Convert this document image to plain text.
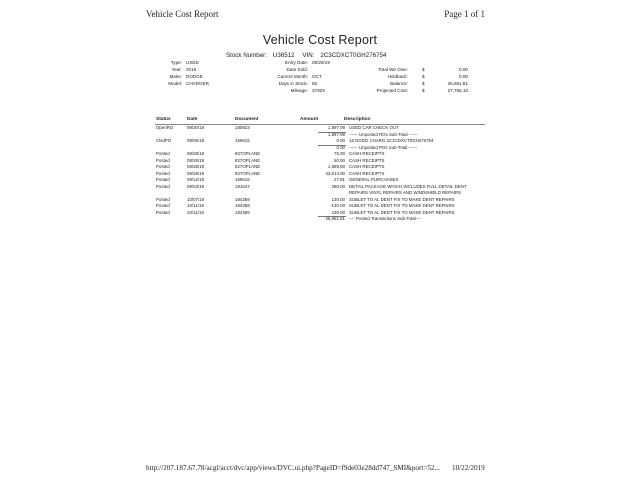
Vehicle Cost Report	Page 1 of 1
Vehicle Cost Report
Stock Number: U36512 VIN: 2C3CDXCT0GH276754
Type: USED
Year: 2016
Make: DODGE
Model: CHARGER
Entry Date: 08/28/19
Date Sold:
Current Month: OCT
Days in Stock: 55
Mileage: 37929
Total We Owe:	$	0.00
Holdback:	$	0.00
Balance:	$	25,861.81
Projected Cost:	$	27,758.10
Status	Date	Document	Amount	Description
OpenRO	09/20/19	180923	1,897.09 USED CAR CHECK OUT
1,897.09 ------ Unposted ROs Sub-Total ------
ClsdPO	09/06/19	169615	0.00 16 DODG CHARG 2C3CDXCT0GH276754
0.00 ------ Unposted POs Sub-Total ------
Posted	08/28/19	827OPLANE	75.00 CASH RECEIPTS
Posted	08/28/19	827OPLANE	50.00 CASH RECEIPTS
Posted	08/28/19	827OPLANE	1,685.00 CASH RECEIPTS
Posted	08/28/19	827OPLANE	23,614.00 CASH RECEIPTS
Posted	09/12/19	169615	27.81 GENERAL PURCHASES
Posted	09/23/19	181547	280.00 DETAIL PACKAGE WHICH INCLUDES FULL DETAIL DENT
REPAIRS VINYL REPAIRS AND WINDSHIELD REPAIRS
Posted	10/07/19	184359	130.00 SUBLET TO AL DENT FIX TO MAKE DENT REPAIRS
Posted	10/11/19	184359	-130.00 SUBLET TO AL DENT FIX TO MAKE DENT REPAIRS
Posted	10/11/19	184359	130.00 SUBLET TO AL DENT FIX TO MAKE DENT REPAIRS
25,861.81 ---- Posted Transactions Sub-Total----
http://207.187.67.78/acgl/acct/dvc/app/views/DVC.ui.php?PageID=f9de03e28dd747_SMI&port=52... 10/22/2019
